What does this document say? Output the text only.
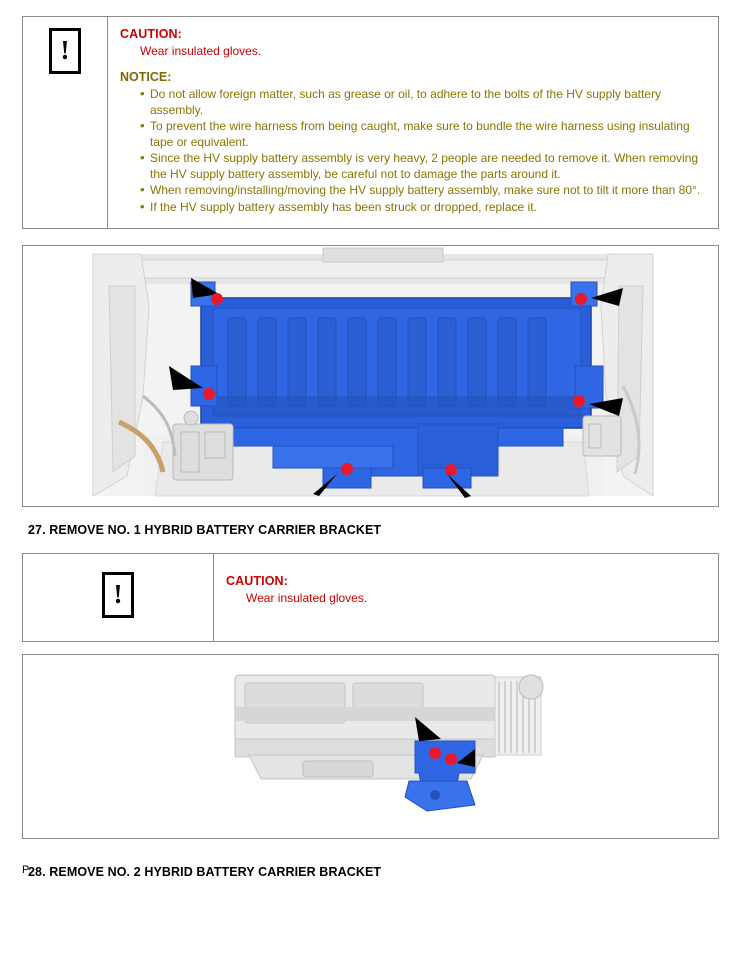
!	

CAUTION:

Wear insulated gloves.

NOTICE:

• Do not allow foreign matter, such as grease or oil, to adhere to the bolts of the HV supply battery assembly.
• To prevent the wire harness from being caught, make sure to bundle the wire harness using insulating tape or equivalent.
• Since the HV supply battery assembly is very heavy, 2 people are needed to remove it. When removing the HV supply battery assembly, be careful not to damage the parts around it.
• When removing/installing/moving the HV supply battery assembly, make sure not to tilt it more than 80°.
• If the HV supply battery assembly has been struck or dropped, replace it.
27. REMOVE NO. 1 HYBRID BATTERY CARRIER BRACKET
!	

CAUTION:

Wear insulated gloves.

P
28. REMOVE NO. 2 HYBRID BATTERY CARRIER BRACKET
